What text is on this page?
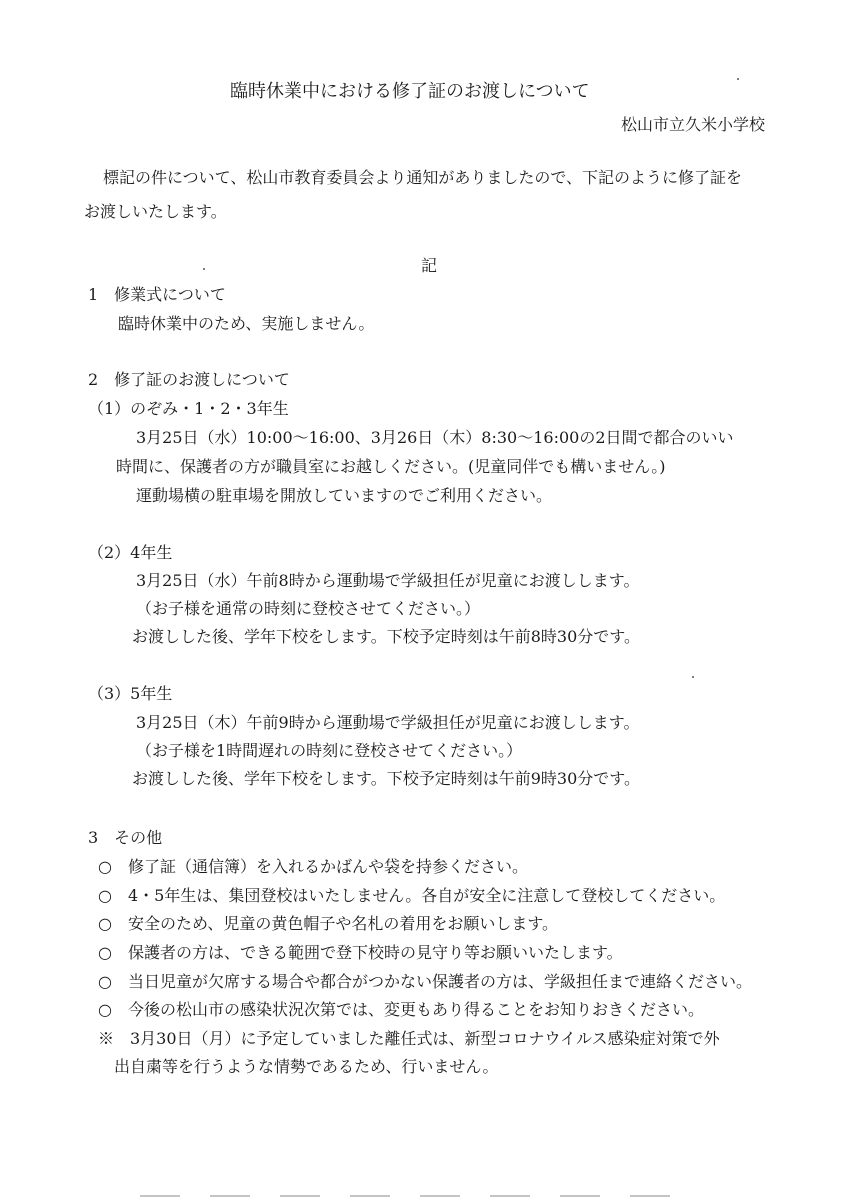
臨時休業中における修了証のお渡しについて
松山市立久米小学校
標記の件について、松山市教育委員会より通知がありましたので、下記のように修了証を
お渡しいたします。
記
1　修業式について
臨時休業中のため、実施しません。
2　修了証のお渡しについて
（1）のぞみ・1・2・3年生
3月25日（水）10:00～16:00、3月26日（木）8:30～16:00の2日間で都合のいい
時間に、保護者の方が職員室にお越しください。(児童同伴でも構いません。)
運動場横の駐車場を開放していますのでご利用ください。
（2）4年生
3月25日（水）午前8時から運動場で学級担任が児童にお渡しします。
（お子様を通常の時刻に登校させてください。）
お渡しした後、学年下校をします。下校予定時刻は午前8時30分です。
（3）5年生
3月25日（木）午前9時から運動場で学級担任が児童にお渡しします。
（お子様を1時間遅れの時刻に登校させてください。）
お渡しした後、学年下校をします。下校予定時刻は午前9時30分です。
3　その他
○　修了証（通信簿）を入れるかばんや袋を持参ください。
○　4・5年生は、集団登校はいたしません。各自が安全に注意して登校してください。
○　安全のため、児童の黄色帽子や名札の着用をお願いします。
○　保護者の方は、できる範囲で登下校時の見守り等お願いいたします。
○　当日児童が欠席する場合や都合がつかない保護者の方は、学級担任まで連絡ください。
○　今後の松山市の感染状況次第では、変更もあり得ることをお知りおきください。
※　3月30日（月）に予定していました離任式は、新型コロナウイルス感染症対策で外
出自粛等を行うような情勢であるため、行いません。
